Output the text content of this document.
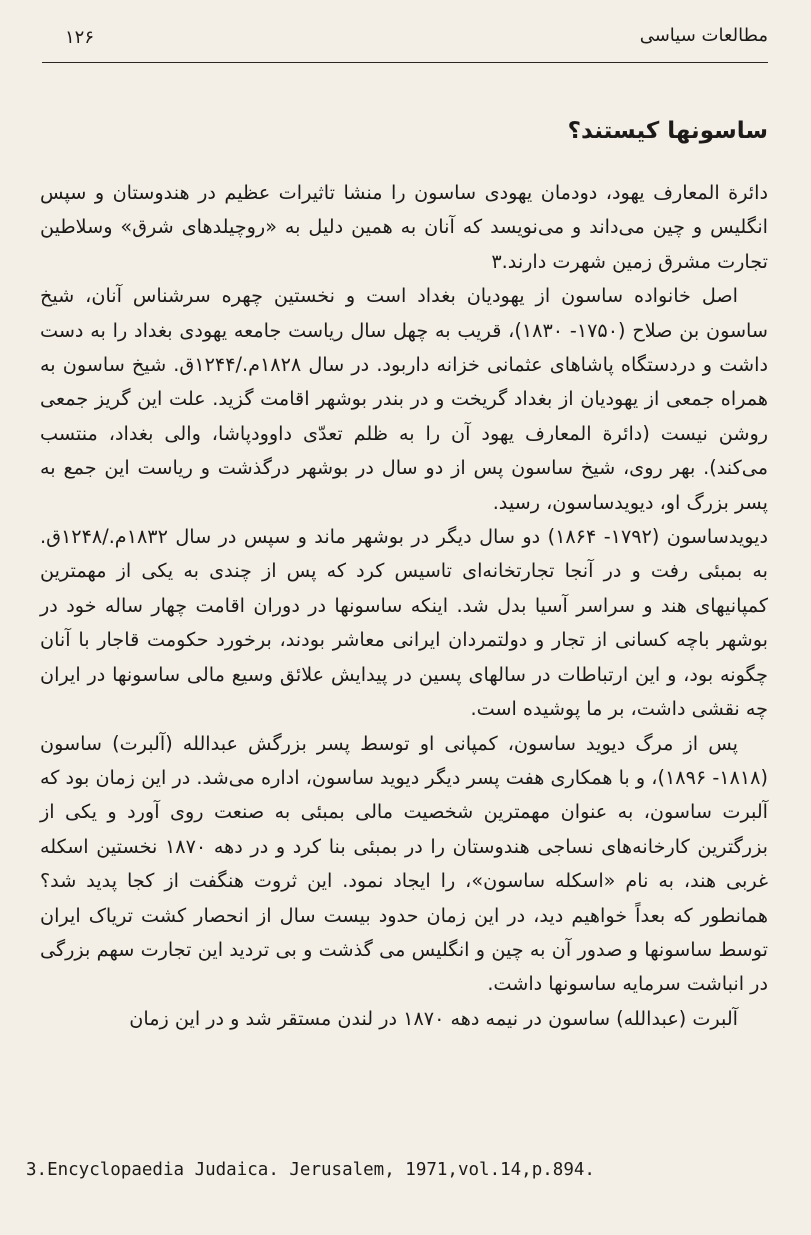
مطالعات سیاسی
۱۲۶
ساسونها کیستند؟

دائرة المعارف یهود، دودمان یهودی ساسون را منشا تاثیرات عظیم در هندوستان و سپس انگلیس و چین می‌داند و می‌نویسد که آنان به همین دلیل به «روچیلدهای شرق» وسلاطین تجارت مشرق زمین شهرت دارند.۳

اصل خانواده ساسون از یهودیان بغداد است و نخستین چهره سرشناس آنان، شیخ ساسون بن صلاح (۱۷۵۰- ۱۸۳۰)، قریب به چهل سال ریاست جامعه یهودی بغداد را به دست داشت و دردستگاه پاشاهای عثمانی خزانه داربود. در سال ۱۸۲۸م./۱۲۴۴ق. شیخ ساسون به همراه جمعی از یهودیان از بغداد گریخت و در بندر بوشهر اقامت گزید. علت این گریز جمعی روشن نیست (دائرة المعارف یهود آن را به ظلم تعدّی داوودپاشا، والی بغداد، منتسب می‌کند). بهر روی، شیخ ساسون پس از دو سال در بوشهر درگذشت و ریاست این جمع به پسر بزرگ او، دیویدساسون، رسید.

دیویدساسون (۱۷۹۲- ۱۸۶۴) دو سال دیگر در بوشهر ماند و سپس در سال ۱۸۳۲م./۱۲۴۸ق. به بمبئی رفت و در آنجا تجارتخانه‌ای تاسیس کرد که پس از چندی به یکی از مهمترین کمپانیهای هند و سراسر آسیا بدل شد. اینکه ساسونها در دوران اقامت چهار ساله خود در بوشهر باچه کسانی از تجار و دولتمردان ایرانی معاشر بودند، برخورد حکومت قاجار با آنان چگونه بود، و این ارتباطات در سالهای پسین در پیدایش علائق وسیع مالی ساسونها در ایران چه نقشی داشت، بر ما پوشیده است.

پس از مرگ دیوید ساسون، کمپانی او توسط پسر بزرگش عبدالله (آلبرت) ساسون (۱۸۱۸- ۱۸۹۶)، و با همکاری هفت پسر دیگر دیوید ساسون، اداره می‌شد. در این زمان بود که آلبرت ساسون، به عنوان مهمترین شخصیت مالی بمبئی به صنعت روی آورد و یکی از بزرگترین کارخانه‌های نساجی هندوستان را در بمبئی بنا کرد و در دهه ۱۸۷۰ نخستین اسکله غربی هند، به نام «اسکله ساسون»، را ایجاد نمود. این ثروت هنگفت از کجا پدید شد؟ همانطور که بعداً خواهیم دید، در این زمان حدود بیست سال از انحصار کشت تریاک ایران توسط ساسونها و صدور آن به چین و انگلیس می گذشت و بی تردید این تجارت سهم بزرگی در انباشت سرمایه ساسونها داشت.

آلبرت (عبدالله) ساسون در نیمه دهه ۱۸۷۰ در لندن مستقر شد و در این زمان

3.Encyclopaedia Judaica. Jerusalem, 1971,vol.14,p.894.
